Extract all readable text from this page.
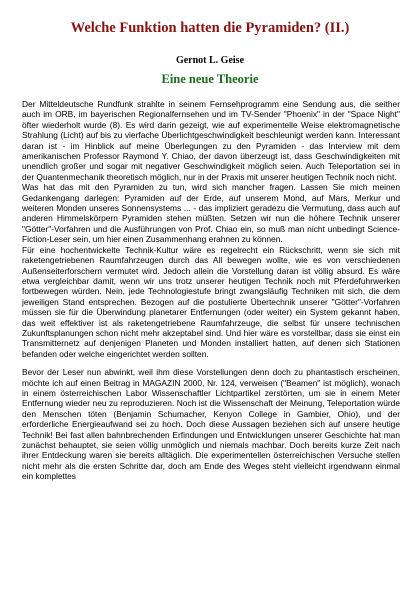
Welche Funktion hatten die Pyramiden? (II.)
Gernot L. Geise
Eine neue Theorie

Der Mitteldeutsche Rundfunk strahlte in seinem Fernsehprogramm eine Sendung aus, die seither auch im ORB, im bayerischen Regionalfernsehen und im TV-Sender "Phoenix" in der "Space Night" öfter wiederholt wurde (8). Es wird darin gezeigt, wie auf experimentelle Weise elektromagnetische Strahlung (Licht) auf bis zu vierfache Überlichtgeschwindigkeit beschleunigt werden kann. Interessant daran ist - im Hinblick auf meine Überlegungen zu den Pyramiden - das Interview mit dem amerikanischen Professor Raymond Y. Chiao, der davon überzeugt ist, dass Geschwindigkeiten mit unendlich großer und sogar mit negativer Geschwindigkeit möglich seien. Auch Teleportation sei in der Quantenmechanik theoretisch möglich, nur in der Praxis mit unserer heutigen Technik noch nicht.

Was hat das mit den Pyramiden zu tun, wird sich mancher fragen. Lassen Sie mich meinen Gedankengang darlegen: Pyramiden auf der Erde, auf unserem Mond, auf Mars, Merkur und weiteren Monden unseres Sonnensystems ... - das impliziert geradezu die Vermutung, dass auch auf anderen Himmelskörpern Pyramiden stehen müßten. Setzen wir nun die höhere Technik unserer "Götter"-Vorfahren und die Ausführungen von Prof. Chiao ein, so muß man nicht unbedingt Science-Fiction-Leser sein, um hier einen Zusammenhang erahnen zu können.

Für eine hochentwickelte Technik-Kultur wäre es regelrecht ein Rückschritt, wenn sie sich mit raketengetriebenen Raumfahrzeugen durch das All bewegen wollte, wie es von verschiedenen Außenseiterforschern vermutet wird. Jedoch allein die Vorstellung daran ist völlig absurd. Es wäre etwa vergleichbar damit, wenn wir uns trotz unserer heutigen Technik noch mit Pferdefuhrwerken fortbewegen würden. Nein, jede Technologiestufe bringt zwangsläufig Techniken mit sich, die dem jeweiligen Stand entsprechen. Bezogen auf die postulierte Übertechnik unserer "Götter"-Vorfahren müssen sie für die Überwindung planetarer Entfernungen (oder weiter) ein System gekannt haben, das weit effektiver ist als raketengetriebene Raumfahrzeuge, die selbst für unsere technischen Zukunftsplanungen schon nicht mehr akzeptabel sind. Und hier wäre es vorstellbar, dass sie einst ein Transmitternetz auf denjenigen Planeten und Monden installiert hatten, auf denen sich Stationen befanden oder welche eingerichtet werden sollten.

Bevor der Leser nun abwinkt, weil ihm diese Vorstellungen denn doch zu phantastisch erscheinen, möchte ich auf einen Beitrag in MAGAZIN 2000, Nr. 124, verweisen ("Beamen" ist möglich), wonach in einem österreichischen Labor Wissenschaftler Lichtpartikel zerstörten, um sie in einem Meter Entfernung wieder neu zu reproduzieren. Noch ist die Wissenschaft der Meinung, Teleportation würde den Menschen töten (Benjamin Schumacher, Kenyon College in Gambier, Ohio), und der erforderliche Energieaufwand sei zu hoch. Doch diese Aussagen beziehen sich auf unsere heutige Technik! Bei fast allen bahnbrechenden Erfindungen und Entwicklungen unserer Geschichte hat man zunächst behauptet, sie seien völlig unmöglich und niemals machbar. Doch bereits kurze Zeit nach ihrer Entdeckung waren sie bereits alltäglich. Die experimentellen österreichischen Versuche stellen nicht mehr als die ersten Schritte dar, doch am Ende des Weges steht vielleicht irgendwann einmal ein komplettes
